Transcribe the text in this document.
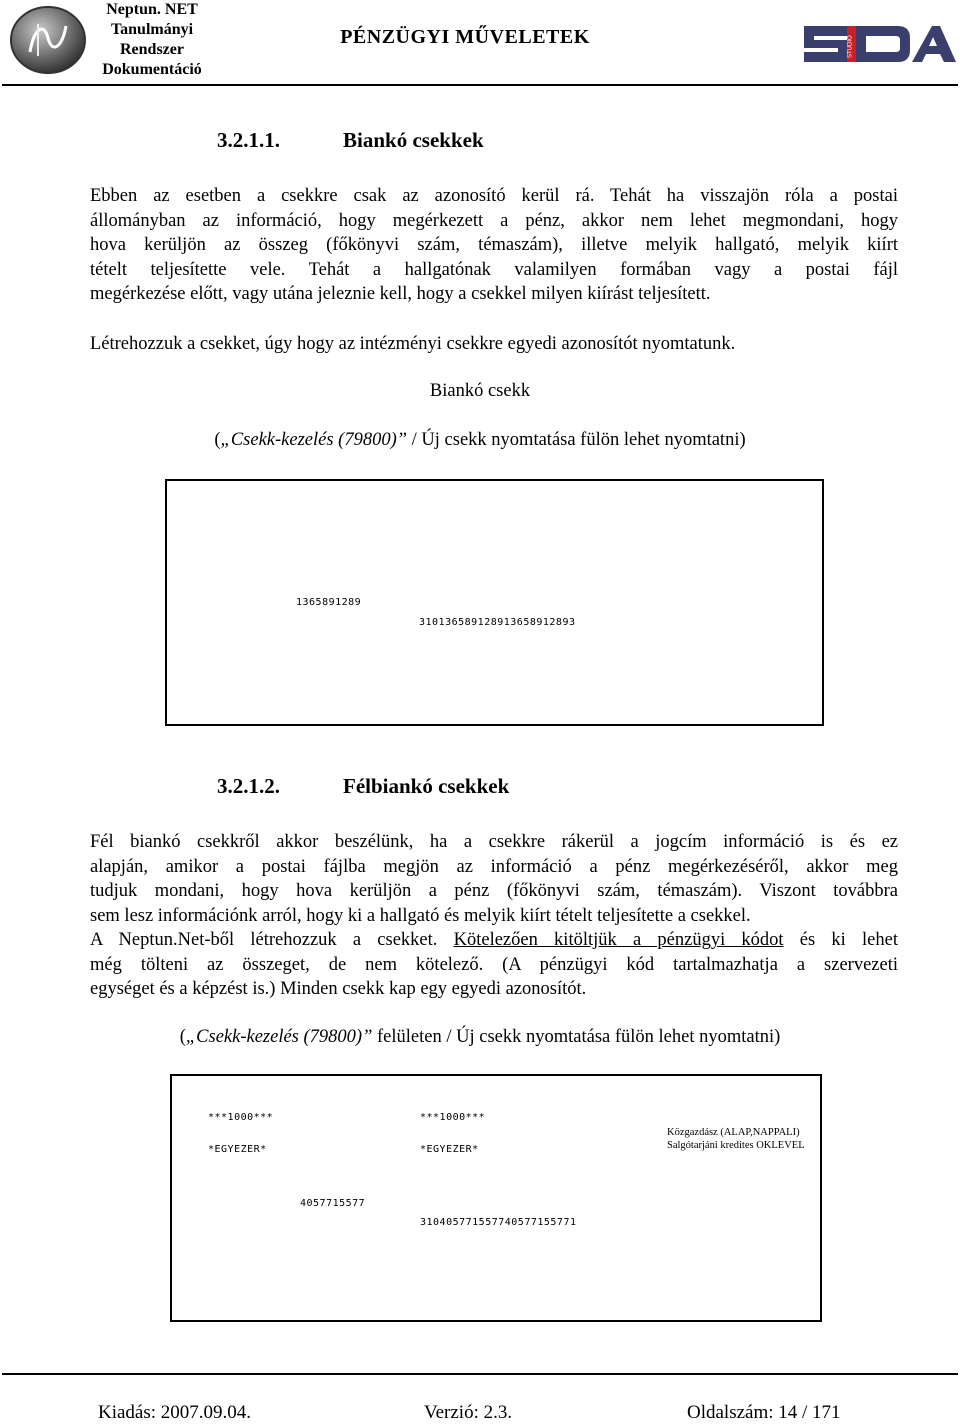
Neptun. NET
Tanulmányi
Rendszer
Dokumentáció
PÉNZÜGYI MŰVELETEK	STUDIO
3.2.1.1.	Biankó csekkek
Ebben az esetben a csekkre csak az azonosító kerül rá. Tehát ha visszajön róla a postai
állományban az információ, hogy megérkezett a pénz, akkor nem lehet megmondani, hogy
hova kerüljön az összeg (főkönyvi szám, témaszám), illetve melyik hallgató, melyik kiírt
tételt teljesítette vele. Tehát a hallgatónak valamilyen formában vagy a postai fájl
megérkezése előtt, vagy utána jeleznie kell, hogy a csekkel milyen kiírást teljesített.
Létrehozzuk a csekket, úgy hogy az intézményi csekkre egyedi azonosítót nyomtatunk.
Biankó csekk
(„Csekk-kezelés (79800)” / Új csekk nyomtatása fülön lehet nyomtatni)
1365891289
31013658912891365891289З
3.2.1.2.	Félbiankó csekkek
Fél biankó csekkről akkor beszélünk, ha a csekkre rákerül a jogcím információ is és ez
alapján, amikor a postai fájlba megjön az információ a pénz megérkezéséről, akkor meg
tudjuk mondani, hogy hova kerüljön a pénz (főkönyvi szám, témaszám). Viszont továbbra
sem lesz információnk arról, hogy ki a hallgató és melyik kiírt tételt teljesítette a csekkel.
A Neptun.Net-ből létrehozzuk a csekket. Kötelezően kitöltjük a pénzügyi kódot és ki lehet
még tölteni az összeget, de nem kötelező. (A pénzügyi kód tartalmazhatja a szervezeti
egységet és a képzést is.) Minden csekk kap egy egyedi azonosítót.
(„Csekk-kezelés (79800)” felületen / Új csekk nyomtatása fülön lehet nyomtatni)
***1000***	***1000***
*EGYEZER*	*EGYEZER*
Közgazdász (ALAP,NAPPALI)
Salgótarjáni kredites OKLEVEL
4057715577
310405771557740577155771
Kiadás: 2007.09.04.	Verzió: 2.3.	Oldalszám: 14 / 171
